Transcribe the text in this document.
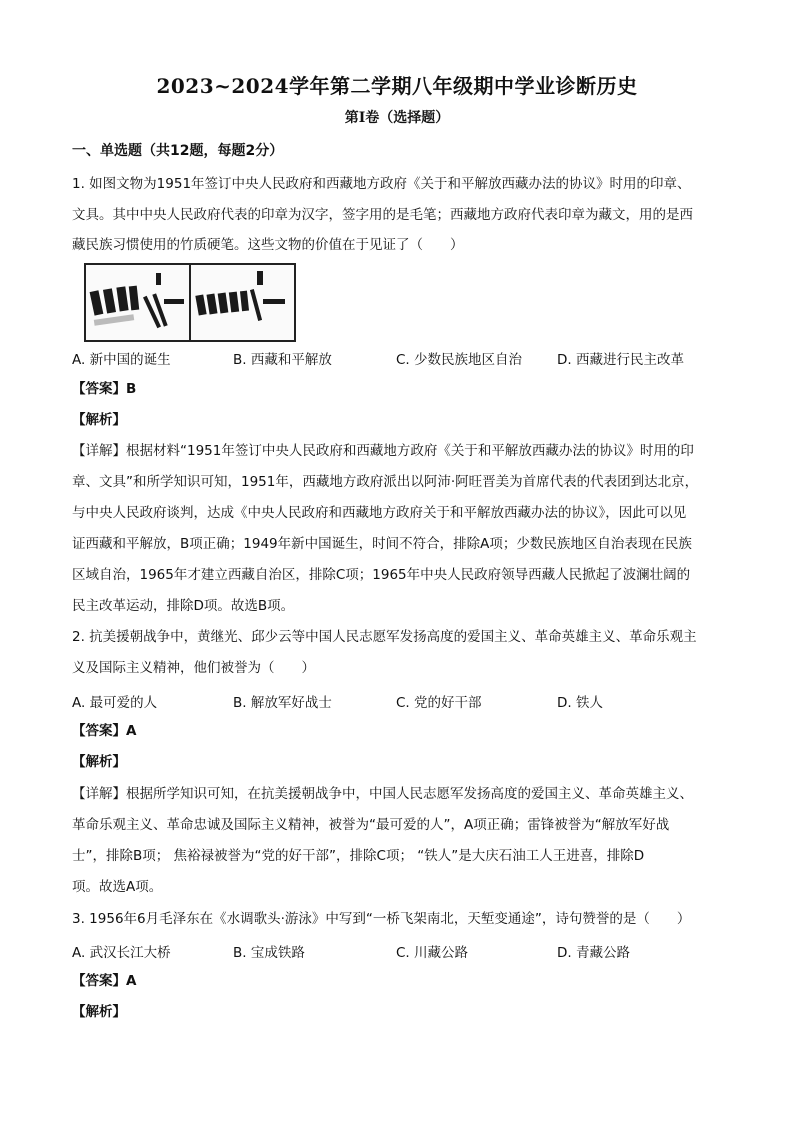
2023~2024学年第二学期八年级期中学业诊断历史
第Ⅰ卷（选择题）
一、单选题（共12题，每题2分）
1. 如图文物为1951年签订中央人民政府和西藏地方政府《关于和平解放西藏办法的协议》时用的印章、
文具。其中中央人民政府代表的印章为汉字，签字用的是毛笔；西藏地方政府代表印章为藏文，用的是西
藏民族习惯使用的竹质硬笔。这些文物的价值在于见证了（　　）
A. 新中国的诞生	B. 西藏和平解放	C. 少数民族地区自治	D. 西藏进行民主改革
【答案】B
【解析】
【详解】根据材料“1951年签订中央人民政府和西藏地方政府《关于和平解放西藏办法的协议》时用的印
章、文具”和所学知识可知，1951年，西藏地方政府派出以阿沛·阿旺晋美为首席代表的代表团到达北京，
与中央人民政府谈判，达成《中央人民政府和西藏地方政府关于和平解放西藏办法的协议》，因此可以见
证西藏和平解放，B项正确；1949年新中国诞生，时间不符合，排除A项；少数民族地区自治表现在民族
区域自治，1965年才建立西藏自治区，排除C项；1965年中央人民政府领导西藏人民掀起了波澜壮阔的
民主改革运动，排除D项。故选B项。
2. 抗美援朝战争中，黄继光、邱少云等中国人民志愿军发扬高度的爱国主义、革命英雄主义、革命乐观主
义及国际主义精神，他们被誉为（　　）
A. 最可爱的人	B. 解放军好战士	C. 党的好干部	D. 铁人
【答案】A
【解析】
【详解】根据所学知识可知，在抗美援朝战争中，中国人民志愿军发扬高度的爱国主义、革命英雄主义、
革命乐观主义、革命忠诚及国际主义精神，被誉为“最可爱的人”，A项正确；雷锋被誉为“解放军好战
士”，排除B项； 焦裕禄被誉为“党的好干部”，排除C项； “铁人”是大庆石油工人王进喜，排除D
项。故选A项。
3. 1956年6月毛泽东在《水调歌头·游泳》中写到“一桥飞架南北，天堑变通途”，诗句赞誉的是（　　）
A. 武汉长江大桥	B. 宝成铁路	C. 川藏公路	D. 青藏公路
【答案】A
【解析】
